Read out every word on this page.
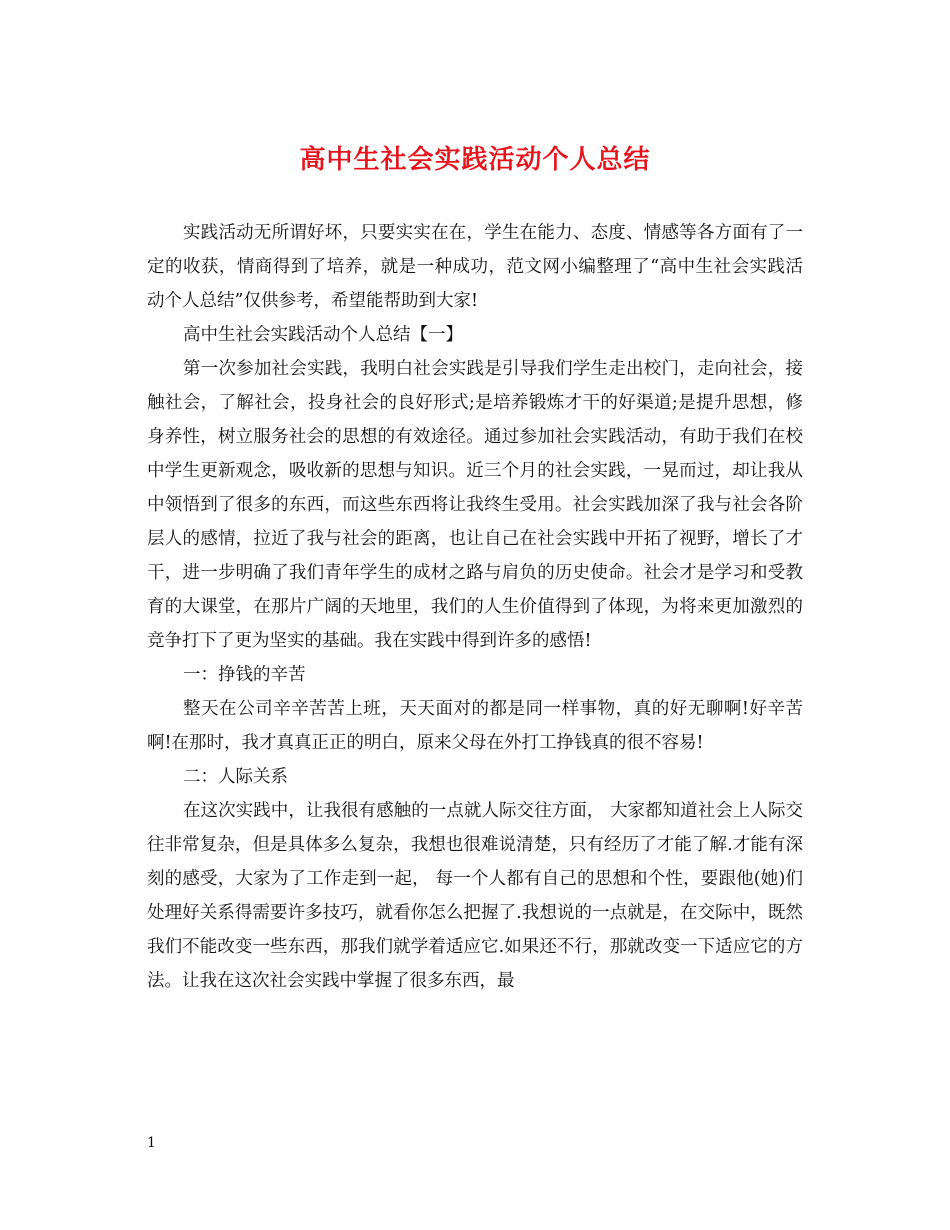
高中生社会实践活动个人总结

实践活动无所谓好坏，只要实实在在，学生在能力、态度、情感等各方面有了一定的收获，情商得到了培养，就是一种成功，范文网小编整理了“高中生社会实践活动个人总结”仅供参考，希望能帮助到大家!

高中生社会实践活动个人总结【一】

第一次参加社会实践，我明白社会实践是引导我们学生走出校门，走向社会，接触社会，了解社会，投身社会的良好形式;是培养锻炼才干的好渠道;是提升思想，修身养性，树立服务社会的思想的有效途径。通过参加社会实践活动，有助于我们在校中学生更新观念，吸收新的思想与知识。近三个月的社会实践，一晃而过，却让我从中领悟到了很多的东西，而这些东西将让我终生受用。社会实践加深了我与社会各阶层人的感情，拉近了我与社会的距离，也让自己在社会实践中开拓了视野，增长了才干，进一步明确了我们青年学生的成材之路与肩负的历史使命。社会才是学习和受教育的大课堂，在那片广阔的天地里，我们的人生价值得到了体现，为将来更加激烈的竞争打下了更为坚实的基础。我在实践中得到许多的感悟!

一：挣钱的辛苦

整天在公司辛辛苦苦上班，天天面对的都是同一样事物，真的好无聊啊!好辛苦啊!在那时，我才真真正正的明白，原来父母在外打工挣钱真的很不容易!

二：人际关系

在这次实践中，让我很有感触的一点就人际交往方面， 大家都知道社会上人际交往非常复杂，但是具体多么复杂，我想也很难说清楚，只有经历了才能了解.才能有深刻的感受，大家为了工作走到一起， 每一个人都有自己的思想和个性，要跟他(她)们处理好关系得需要许多技巧，就看你怎么把握了.我想说的一点就是，在交际中，既然我们不能改变一些东西，那我们就学着适应它.如果还不行，那就改变一下适应它的方法。让我在这次社会实践中掌握了很多东西，最

1
